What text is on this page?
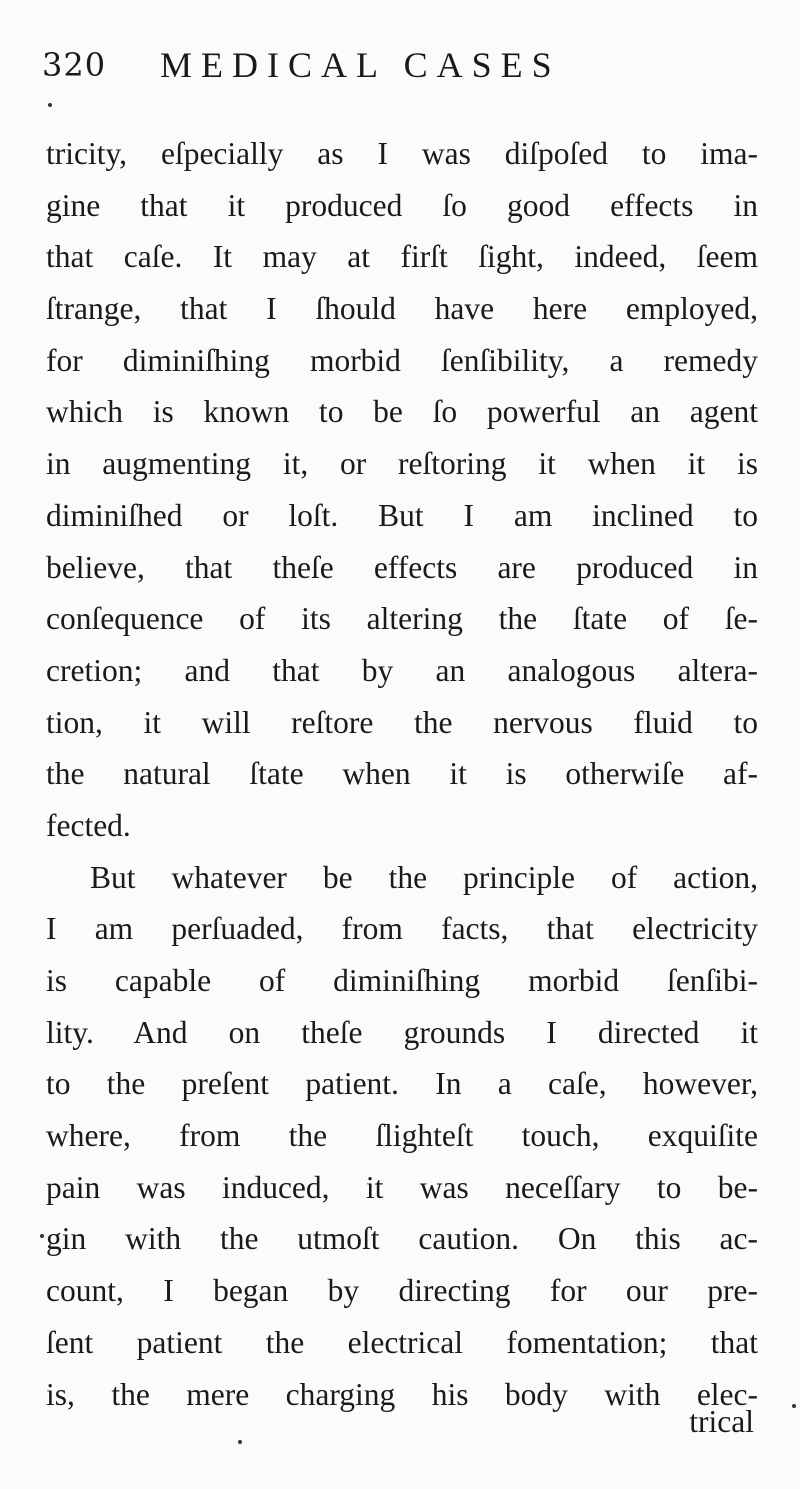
320 MEDICAL CASES
tricity, eſpecially as I was diſpoſed to ima-
gine that it produced ſo good effects in
that caſe. It may at firſt ſight, indeed, ſeem
ſtrange, that I ſhould have here employed,
for diminiſhing morbid ſenſibility, a remedy
which is known to be ſo powerful an agent
in augmenting it, or reſtoring it when it is
diminiſhed or loſt. But I am inclined to
believe, that theſe effects are produced in
conſequence of its altering the ſtate of ſe-
cretion; and that by an analogous altera-
tion, it will reſtore the nervous fluid to
the natural ſtate when it is otherwiſe af-
fected.
But whatever be the principle of action,
I am perſuaded, from facts, that electricity
is capable of diminiſhing morbid ſenſibi-
lity. And on theſe grounds I directed it
to the preſent patient. In a caſe, however,
where, from the ſlighteſt touch, exquiſite
pain was induced, it was neceſſary to be-
gin with the utmoſt caution. On this ac-
count, I began by directing for our pre-
ſent patient the electrical fomentation; that
is, the mere charging his body with elec-
trical
